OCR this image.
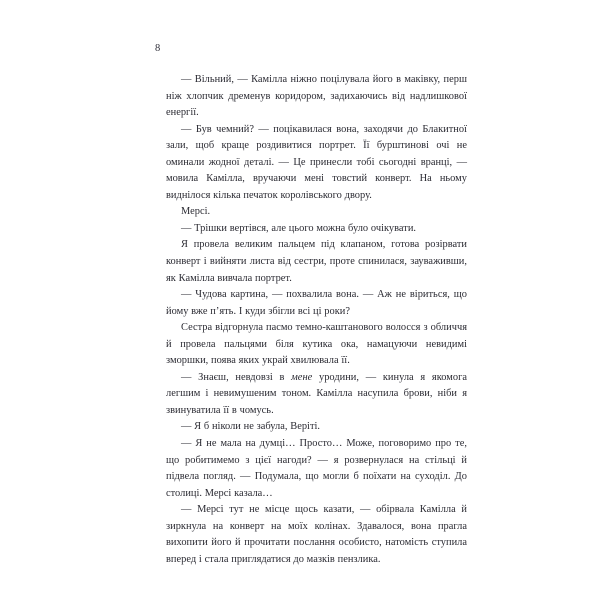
8

— Вільний, — Камілла ніжно поцілувала його в маківку, перш ніж хлопчик дременув коридором, задихаючись від надлишкової енергії.

— Був чемний? — поцікавилася вона, заходячи до Блакитної зали, щоб краще роздивитися портрет. Її бурштинові очі не оминали жодної деталі. — Це принесли тобі сьогодні вранці, — мовила Камілла, вручаючи мені товстий конверт. На ньому виднілося кілька печаток королівського двору.

Мерсі.

— Трішки вертівся, але цього можна було очікувати.

Я провела великим пальцем під клапаном, готова розірвати конверт і вийняти листа від сестри, проте спинилася, зауваживши, як Камілла вивчала портрет.

— Чудова картина, — похвалила вона. — Аж не віриться, що йому вже п’ять. І куди збігли всі ці роки?

Сестра відгорнула пасмо темно-каштанового волосся з обличчя й провела пальцями біля кутика ока, намацуючи невидимі зморшки, поява яких украй хвилювала її.

— Знаєш, невдовзі в мене уродини, — кинула я якомога легшим і невимушеним тоном. Камілла насупила брови, ніби я звинуватила її в чомусь.

— Я б ніколи не забула, Веріті.

— Я не мала на думці… Просто… Може, поговоримо про те, що робитимемо з цієї нагоди? — я розвернулася на стільці й підвела погляд. — Подумала, що могли б поїхати на суходіл. До столиці. Мерсі казала…

— Мерсі тут не місце щось казати, — обірвала Камілла й зиркнула на конверт на моїх колінах. Здавалося, вона прагла вихопити його й прочитати послання особисто, натомість ступила вперед і стала приглядатися до мазків пензлика.
